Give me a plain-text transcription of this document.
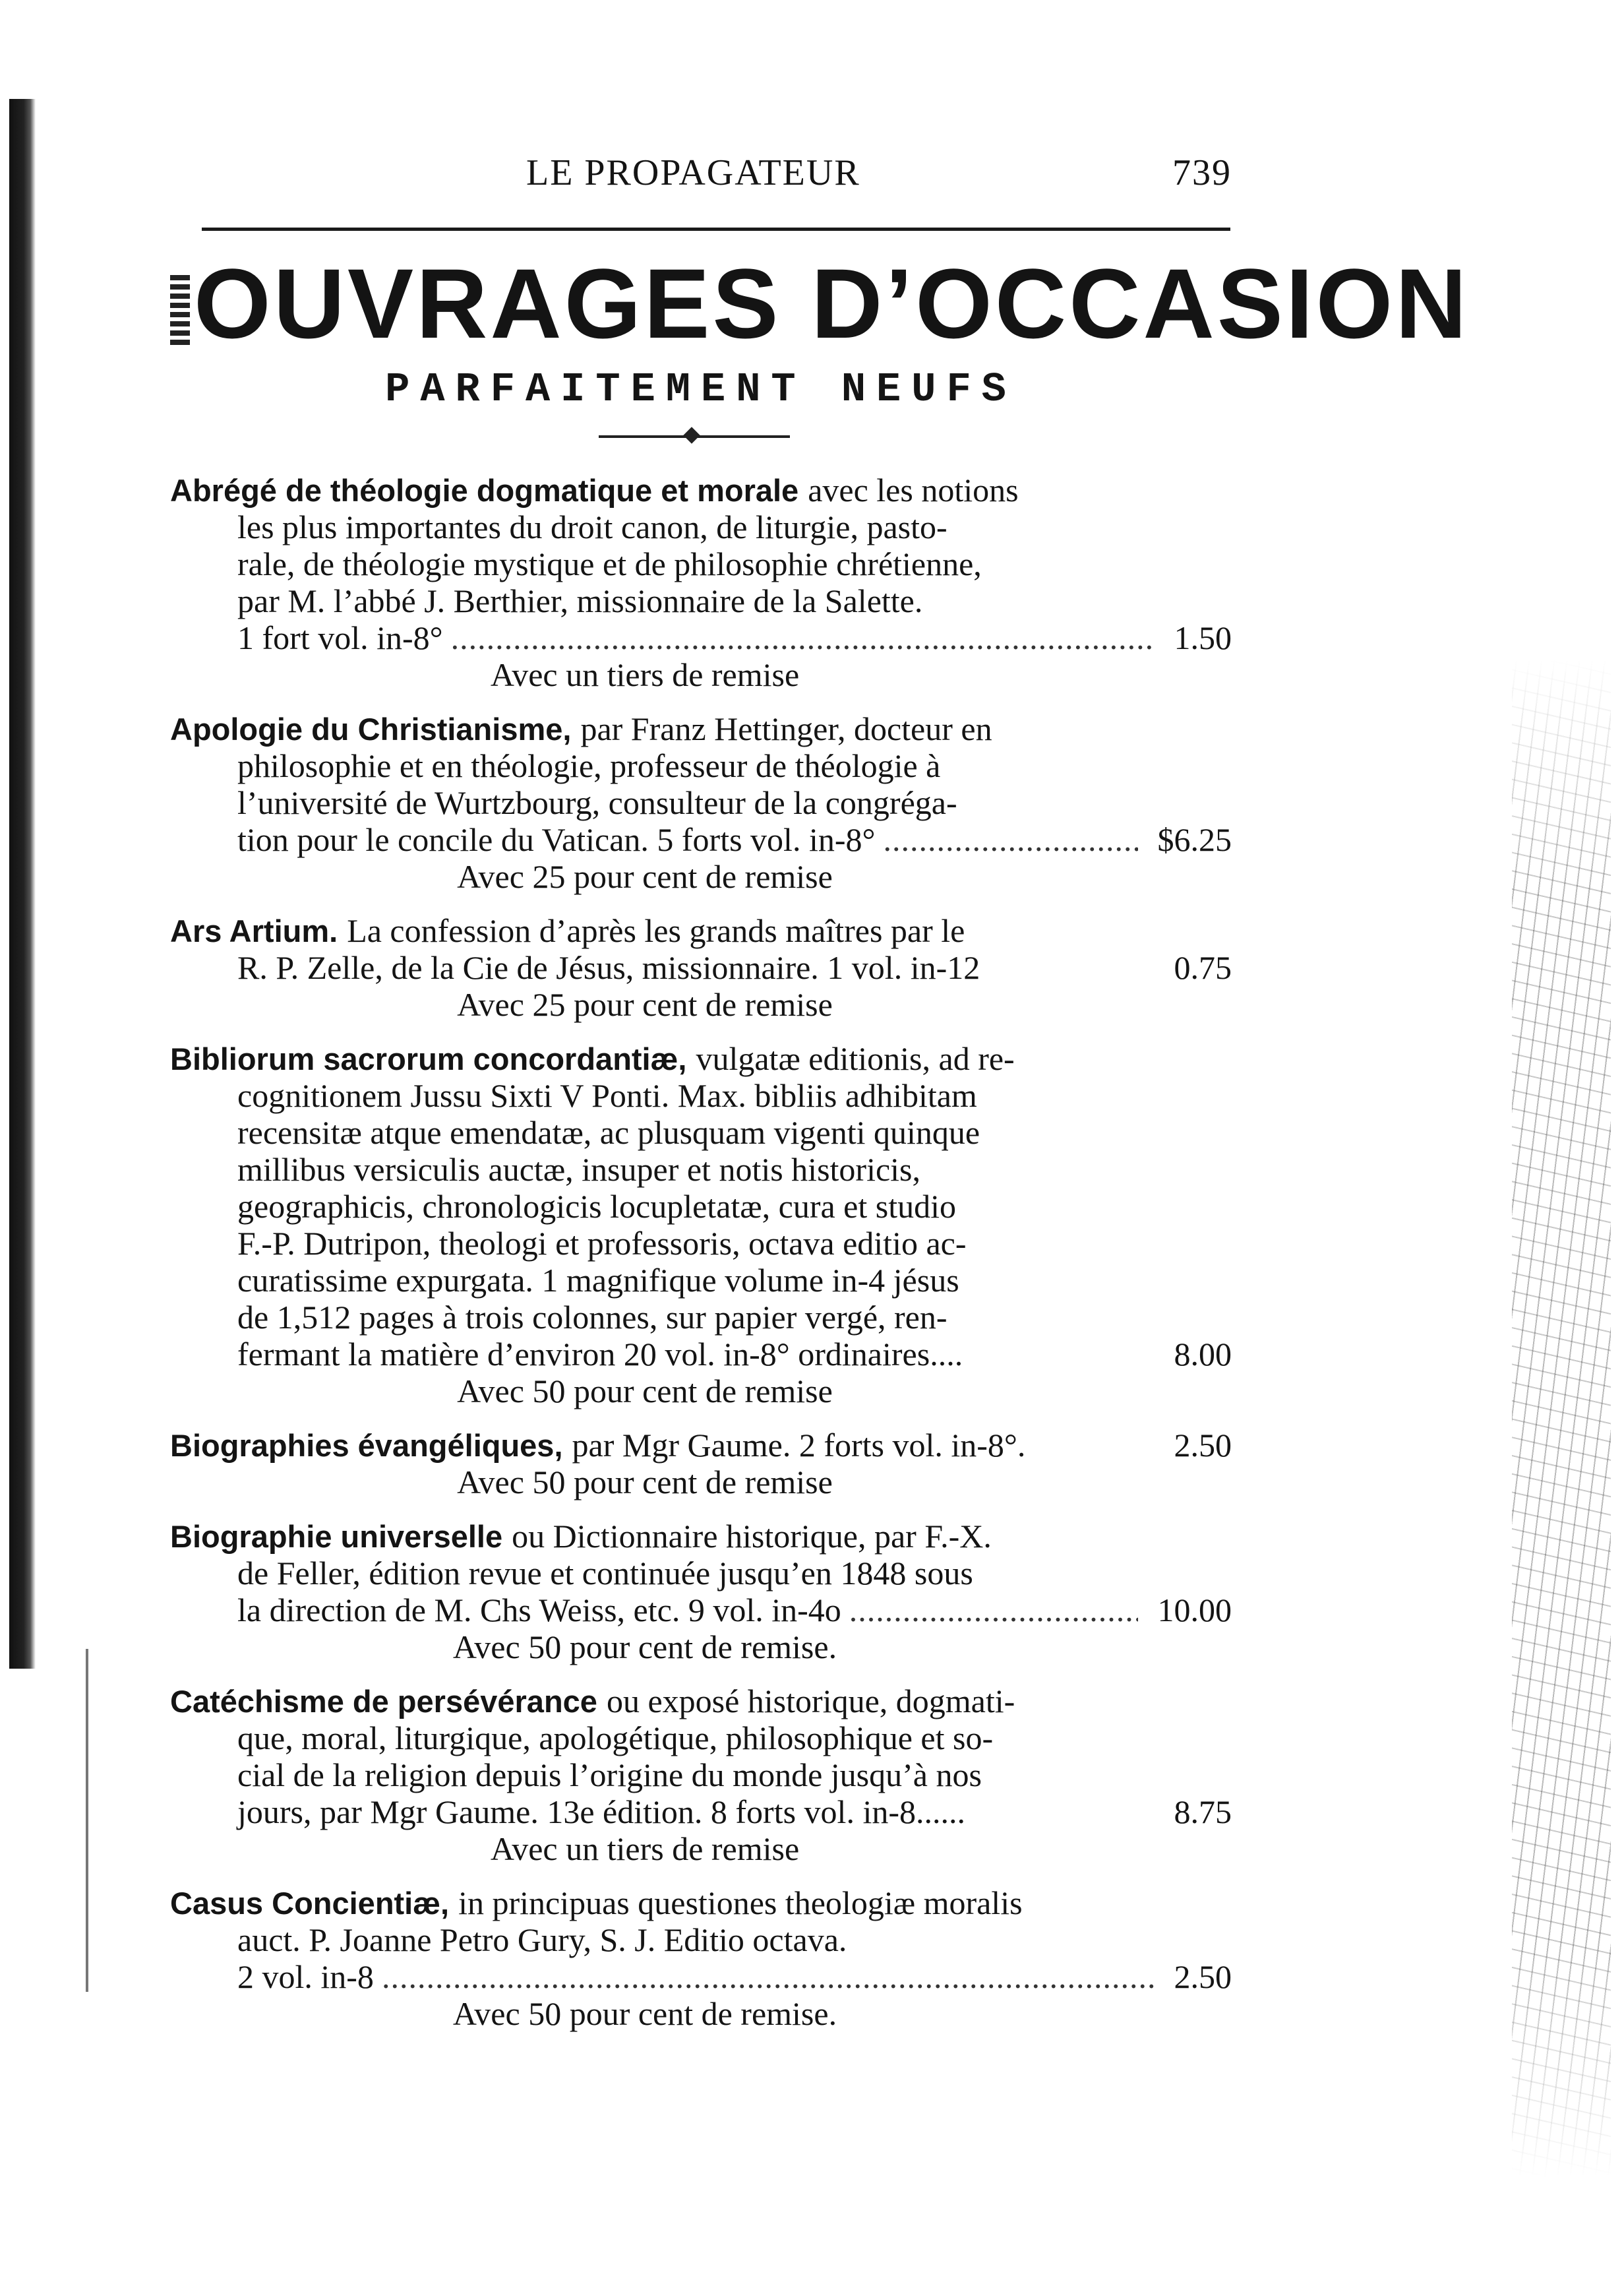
LE PROPAGATEUR	739
OUVRAGES D’OCCASION
PARFAITEMENT NEUFS
Abrégé de théologie dogmatique et morale avec les notions
les plus importantes du droit canon, de liturgie, pasto-
rale, de théologie mystique et de philosophie chrétienne,
par M. l’abbé J. Berthier, missionnaire de la Salette.
1 fort vol. in-8° .....	1.50
Avec un tiers de remise
Apologie du Christianisme, par Franz Hettinger, docteur en
philosophie et en théologie, professeur de théologie à
l’université de Wurtzbourg, consulteur de la congréga-
tion pour le concile du Vatican. 5 forts vol. in-8° .....	$6.25
Avec 25 pour cent de remise
Ars Artium. La confession d’après les grands maîtres par le
R. P. Zelle, de la Cie de Jésus, missionnaire. 1 vol. in-12	0.75
Avec 25 pour cent de remise
Bibliorum sacrorum concordantiæ, vulgatæ editionis, ad re-
cognitionem Jussu Sixti V Ponti. Max. bibliis adhibitam
recensitæ atque emendatæ, ac plusquam vigenti quinque
millibus versiculis auctæ, insuper et notis historicis,
geographicis, chronologicis locupletatæ, cura et studio
F.-P. Dutripon, theologi et professoris, octava editio ac-
curatissime expurgata. 1 magnifique volume in-4 jésus
de 1,512 pages à trois colonnes, sur papier vergé, ren-
fermant la matière d’environ 20 vol. in-8° ordinaires....	8.00
Avec 50 pour cent de remise
Biographies évangéliques, par Mgr Gaume. 2 forts vol. in-8°.	2.50
Avec 50 pour cent de remise
Biographie universelle ou Dictionnaire historique, par F.-X.
de Feller, édition revue et continuée jusqu’en 1848 sous
la direction de M. Chs Weiss, etc. 9 vol. in-4o .....	10.00
Avec 50 pour cent de remise.
Catéchisme de persévérance ou exposé historique, dogmati-
que, moral, liturgique, apologétique, philosophique et so-
cial de la religion depuis l’origine du monde jusqu’à nos
jours, par Mgr Gaume. 13e édition. 8 forts vol. in-8......	8.75
Avec un tiers de remise
Casus Concientiæ, in principuas questiones theologiæ moralis
auct. P. Joanne Petro Gury, S. J. Editio octava.
2 vol. in-8 .....	2.50
Avec 50 pour cent de remise.
